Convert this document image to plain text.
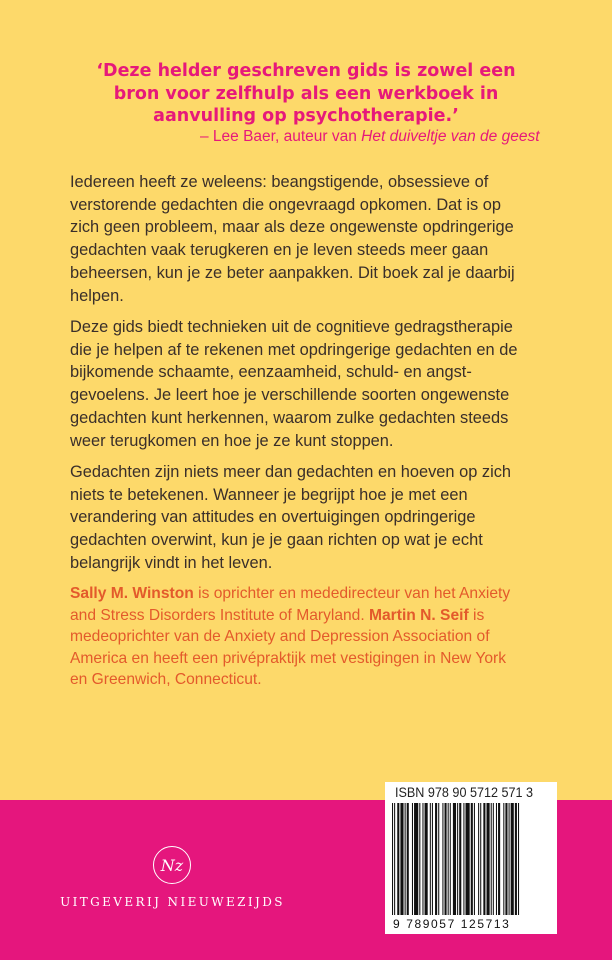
‘Deze helder geschreven gids is zowel een
bron voor zelfhulp als een werkboek in
aanvulling op psychotherapie.’
– Lee Baer, auteur van Het duiveltje van de geest

Iedereen heeft ze weleens: beangstigende, obsessieve of
verstorende gedachten die ongevraagd opkomen. Dat is op
zich geen probleem, maar als deze ongewenste opdringerige
gedachten vaak terugkeren en je leven steeds meer gaan
beheersen, kun je ze beter aanpakken. Dit boek zal je daarbij
helpen.

Deze gids biedt technieken uit de cognitieve gedragstherapie
die je helpen af te rekenen met opdringerige gedachten en de
bijkomende schaamte, eenzaamheid, schuld- en angst-
gevoelens. Je leert hoe je verschillende soorten ongewenste
gedachten kunt herkennen, waarom zulke gedachten steeds
weer terugkomen en hoe je ze kunt stoppen.

Gedachten zijn niets meer dan gedachten en hoeven op zich
niets te betekenen. Wanneer je begrijpt hoe je met een
verandering van attitudes en overtuigingen opdringerige
gedachten overwint, kun je je gaan richten op wat je echt
belangrijk vindt in het leven.

Sally M. Winston is oprichter en mededirecteur van het Anxiety
and Stress Disorders Institute of Maryland. Martin N. Seif is
medeoprichter van de Anxiety and Depression Association of
America en heeft een privépraktijk met vestigingen in New York
en Greenwich, Connecticut.

Nz
UITGEVERIJ NIEUWEZIJDS
ISBN 978 90 5712 571 3
9 789057 125713
